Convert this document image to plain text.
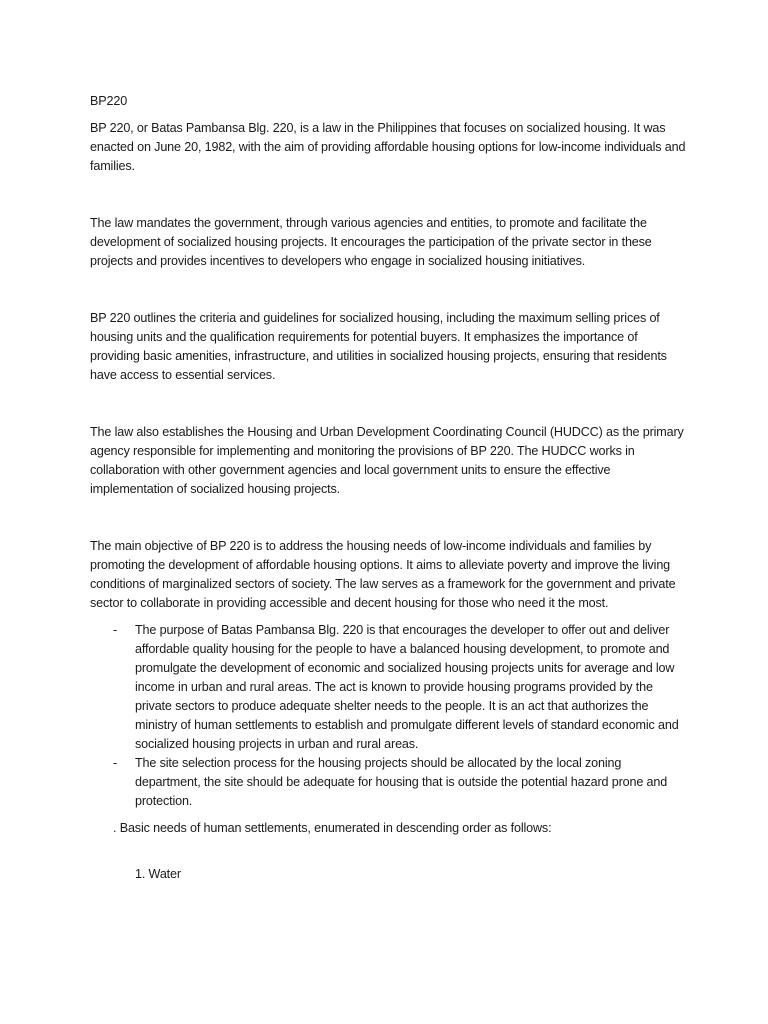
BP220

BP 220, or Batas Pambansa Blg. 220, is a law in the Philippines that focuses on socialized housing. It was enacted on June 20, 1982, with the aim of providing affordable housing options for low-income individuals and families.

The law mandates the government, through various agencies and entities, to promote and facilitate the development of socialized housing projects. It encourages the participation of the private sector in these projects and provides incentives to developers who engage in socialized housing initiatives.

BP 220 outlines the criteria and guidelines for socialized housing, including the maximum selling prices of housing units and the qualification requirements for potential buyers. It emphasizes the importance of providing basic amenities, infrastructure, and utilities in socialized housing projects, ensuring that residents have access to essential services.

The law also establishes the Housing and Urban Development Coordinating Council (HUDCC) as the primary agency responsible for implementing and monitoring the provisions of BP 220. The HUDCC works in collaboration with other government agencies and local government units to ensure the effective implementation of socialized housing projects.

The main objective of BP 220 is to address the housing needs of low-income individuals and families by promoting the development of affordable housing options. It aims to alleviate poverty and improve the living conditions of marginalized sectors of society. The law serves as a framework for the government and private sector to collaborate in providing accessible and decent housing for those who need it the most.

- The purpose of Batas Pambansa Blg. 220 is that encourages the developer to offer out and deliver affordable quality housing for the people to have a balanced housing development, to promote and promulgate the development of economic and socialized housing projects units for average and low income in urban and rural areas. The act is known to provide housing programs provided by the private sectors to produce adequate shelter needs to the people. It is an act that authorizes the ministry of human settlements to establish and promulgate different levels of standard economic and socialized housing projects in urban and rural areas.
- The site selection process for the housing projects should be allocated by the local zoning department, the site should be adequate for housing that is outside the potential hazard prone and protection.

. Basic needs of human settlements, enumerated in descending order as follows:

1. Water
